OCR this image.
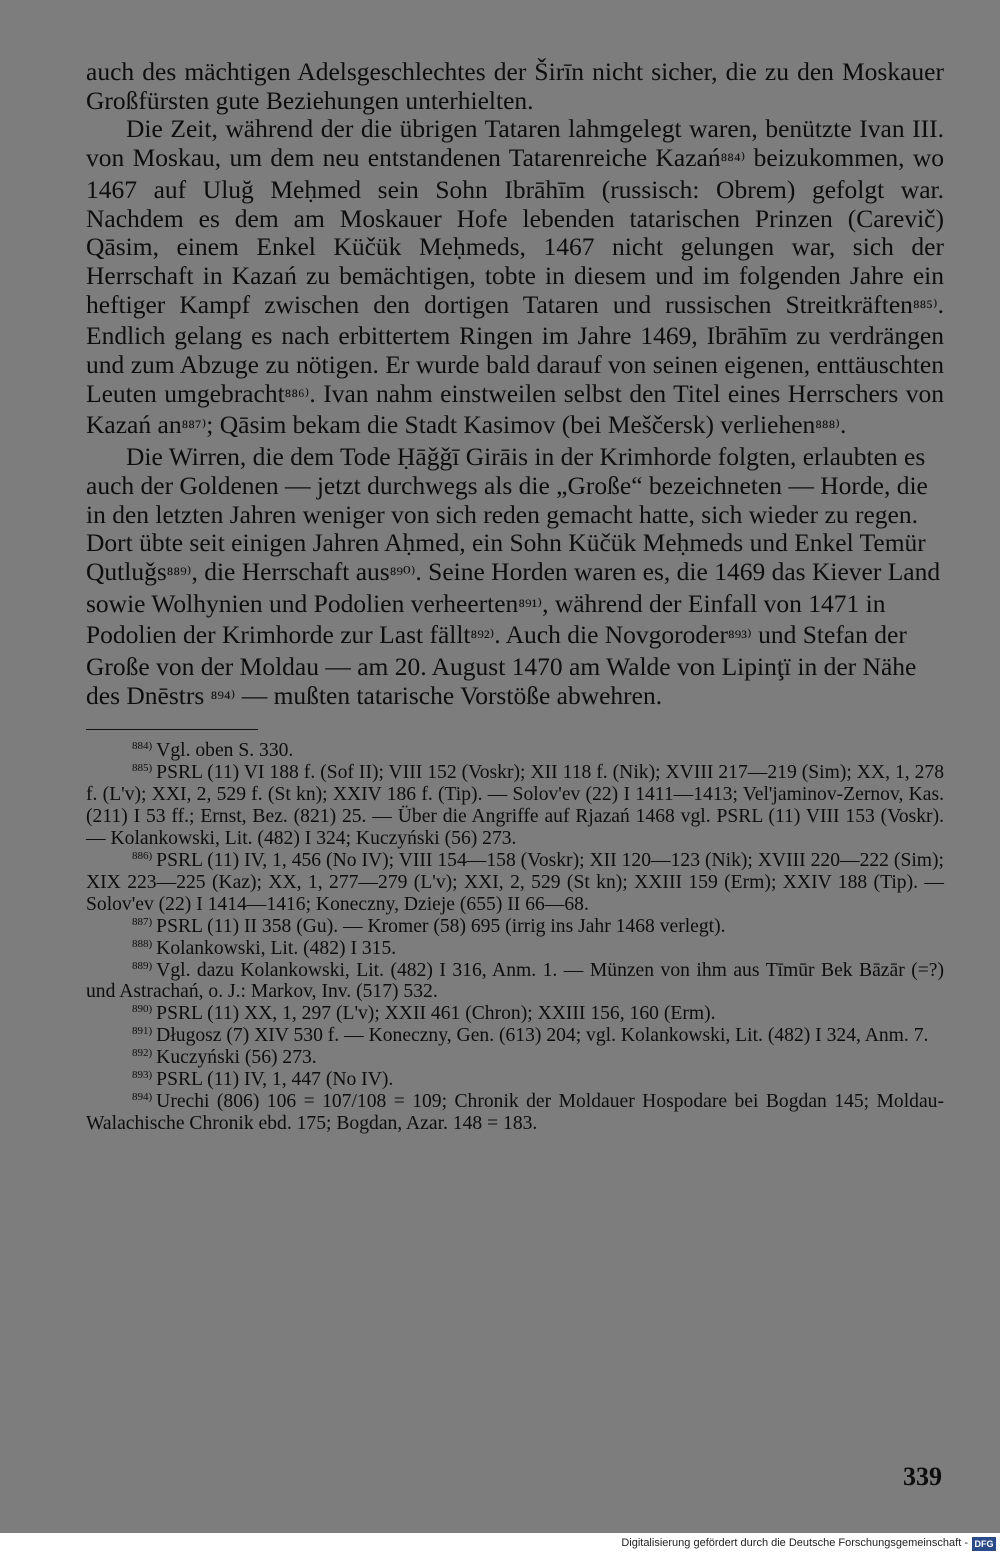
auch des mächtigen Adelsgeschlechtes der Širīn nicht sicher, die zu den Moskauer Großfürsten gute Beziehungen unterhielten.

Die Zeit, während der die übrigen Tataren lahmgelegt waren, benützte Ivan III. von Moskau, um dem neu entstandenen Tatarenreiche Kazań⁸⁸⁴⁾ beizukommen, wo 1467 auf Uluğ Meḥmed sein Sohn Ibrāhīm (russisch: Obrem) gefolgt war. Nachdem es dem am Moskauer Hofe lebenden tatarischen Prinzen (Carevič) Qāsim, einem Enkel Küčük Meḥmeds, 1467 nicht gelungen war, sich der Herrschaft in Kazań zu bemächtigen, tobte in diesem und im folgenden Jahre ein heftiger Kampf zwischen den dortigen Tataren und russischen Streitkräften⁸⁸⁵⁾. Endlich gelang es nach erbittertem Ringen im Jahre 1469, Ibrāhīm zu verdrängen und zum Abzuge zu nötigen. Er wurde bald darauf von seinen eigenen, enttäuschten Leuten umgebracht⁸⁸⁶⁾. Ivan nahm einstweilen selbst den Titel eines Herrschers von Kazań an⁸⁸⁷⁾; Qāsim bekam die Stadt Kasimov (bei Meščersk) verliehen⁸⁸⁸⁾.

Die Wirren, die dem Tode Ḥāǧǧī Girāis in der Krimhorde folgten, erlaubten es auch der Goldenen — jetzt durchwegs als die „Große“ bezeichneten — Horde, die in den letzten Jahren weniger von sich reden gemacht hatte, sich wieder zu regen. Dort übte seit einigen Jahren Aḥmed, ein Sohn Küčük Meḥmeds und Enkel Temür Qutluǧs⁸⁸⁹⁾, die Herrschaft aus⁸⁹⁰⁾. Seine Horden waren es, die 1469 das Kiever Land sowie Wolhynien und Podolien verheerten⁸⁹¹⁾, während der Einfall von 1471 in Podolien der Krimhorde zur Last fällt⁸⁹²⁾. Auch die Novgoroder⁸⁹³⁾ und Stefan der Große von der Moldau — am 20. August 1470 am Walde von Lipinţï in der Nähe des Dnēstrs ⁸⁹⁴⁾ — mußten tatarische Vorstöße abwehren.

884) Vgl. oben S. 330.

885) PSRL (11) VI 188 f. (Sof II); VIII 152 (Voskr); XII 118 f. (Nik); XVIII 217—219 (Sim); XX, 1, 278 f. (L'v); XXI, 2, 529 f. (St kn); XXIV 186 f. (Tip). — Solov'ev (22) I 1411—1413; Vel'jaminov-Zernov, Kas. (211) I 53 ff.; Ernst, Bez. (821) 25. — Über die Angriffe auf Rjazań 1468 vgl. PSRL (11) VIII 153 (Voskr). — Kolankowski, Lit. (482) I 324; Kuczyński (56) 273.

886) PSRL (11) IV, 1, 456 (No IV); VIII 154—158 (Voskr); XII 120—123 (Nik); XVIII 220—222 (Sim); XIX 223—225 (Kaz); XX, 1, 277—279 (L'v); XXI, 2, 529 (St kn); XXIII 159 (Erm); XXIV 188 (Tip). — Solov'ev (22) I 1414—1416; Koneczny, Dzieje (655) II 66—68.

887) PSRL (11) II 358 (Gu). — Kromer (58) 695 (irrig ins Jahr 1468 verlegt).

888) Kolankowski, Lit. (482) I 315.

889) Vgl. dazu Kolankowski, Lit. (482) I 316, Anm. 1. — Münzen von ihm aus Tīmūr Bek Bāzār (=?) und Astrachań, o. J.: Markov, Inv. (517) 532.

890) PSRL (11) XX, 1, 297 (L'v); XXII 461 (Chron); XXIII 156, 160 (Erm).

891) Długosz (7) XIV 530 f. — Koneczny, Gen. (613) 204; vgl. Kolankowski, Lit. (482) I 324, Anm. 7.

892) Kuczyński (56) 273.

893) PSRL (11) IV, 1, 447 (No IV).

894) Urechi (806) 106 = 107/108 = 109; Chronik der Moldauer Hospodare bei Bogdan 145; Moldau-Walachische Chronik ebd. 175; Bogdan, Azar. 148 = 183.

339
Digitalisierung gefördert durch die Deutsche Forschungsgemeinschaft - DFG
